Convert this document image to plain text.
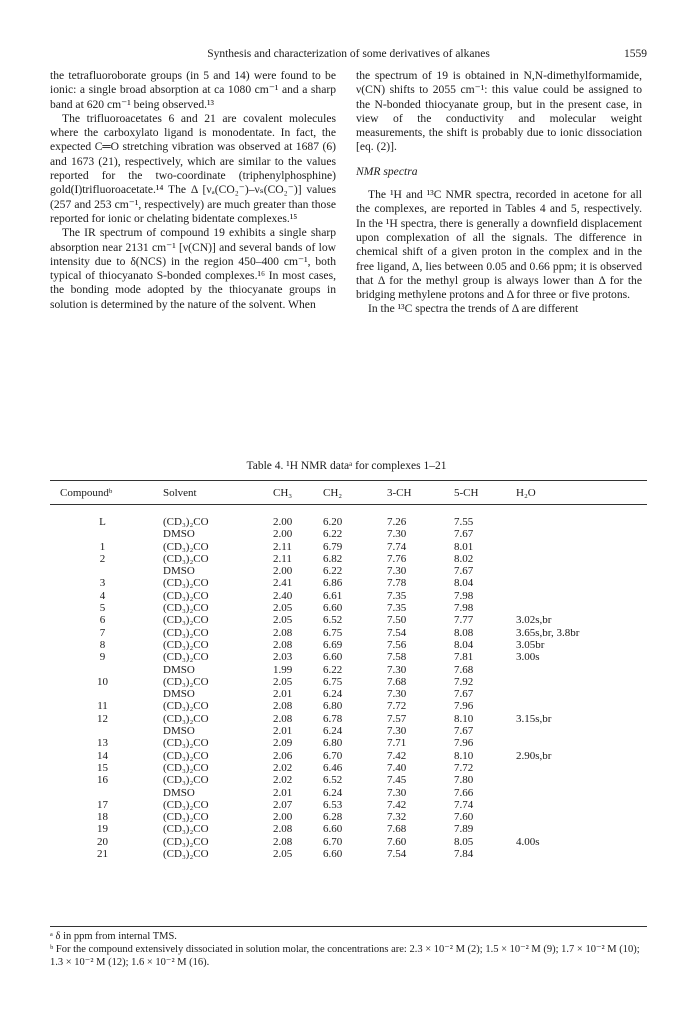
Synthesis and characterization of some derivatives of alkanes	1559

the tetrafluoroborate groups (in 5 and 14) were found to be ionic: a single broad absorption at ca 1080 cm⁻¹ and a sharp band at 620 cm⁻¹ being observed.¹³

The trifluoroacetates 6 and 21 are covalent molecules where the carboxylato ligand is monodentate. In fact, the expected C═O stretching vibration was observed at 1687 (6) and 1673 (21), respectively, which are similar to the values reported for the two-coordinate (triphenylphosphine) gold(I)trifluoroacetate.¹⁴ The Δ [νₐ(CO₂⁻)–νₛ(CO₂⁻)] values (257 and 253 cm⁻¹, respectively) are much greater than those reported for ionic or chelating bidentate complexes.¹⁵

The IR spectrum of compound 19 exhibits a single sharp absorption near 2131 cm⁻¹ [ν(CN)] and several bands of low intensity due to δ(NCS) in the region 450–400 cm⁻¹, both typical of thiocyanato S-bonded complexes.¹⁶ In most cases, the bonding mode adopted by the thiocyanate groups in solution is determined by the nature of the solvent. When

the spectrum of 19 is obtained in N,N-dimethylformamide, ν(CN) shifts to 2055 cm⁻¹: this value could be assigned to the N-bonded thiocyanate group, but in the present case, in view of the conductivity and molecular weight measurements, the shift is probably due to ionic dissociation [eq. (2)].

NMR spectra

The ¹H and ¹³C NMR spectra, recorded in acetone for all the complexes, are reported in Tables 4 and 5, respectively. In the ¹H spectra, there is generally a downfield displacement upon complexation of all the signals. The difference in chemical shift of a given proton in the complex and in the free ligand, Δ, lies between 0.05 and 0.66 ppm; it is observed that Δ for the methyl group is always lower than Δ for the bridging methylene protons and Δ for three or five protons.

In the ¹³C spectra the trends of Δ are different

Table 4. ¹H NMR dataᵃ for complexes 1–21
Compoundᵇ	Solvent	CH₃	CH₂	3-CH	5-CH	H₂O
L	(CD₃)₂CO	2.00	6.20	7.26	7.55	
	DMSO	2.00	6.22	7.30	7.67	
1	(CD₃)₂CO	2.11	6.79	7.74	8.01	
2	(CD₃)₂CO	2.11	6.82	7.76	8.02	
	DMSO	2.00	6.22	7.30	7.67	
3	(CD₃)₂CO	2.41	6.86	7.78	8.04	
4	(CD₃)₂CO	2.40	6.61	7.35	7.98	
5	(CD₃)₂CO	2.05	6.60	7.35	7.98	
6	(CD₃)₂CO	2.05	6.52	7.50	7.77	3.02s,br
7	(CD₃)₂CO	2.08	6.75	7.54	8.08	3.65s,br, 3.8br
8	(CD₃)₂CO	2.08	6.69	7.56	8.04	3.05br
9	(CD₃)₂CO	2.03	6.60	7.58	7.81	3.00s
	DMSO	1.99	6.22	7.30	7.68	
10	(CD₃)₂CO	2.05	6.75	7.68	7.92	
	DMSO	2.01	6.24	7.30	7.67	
11	(CD₃)₂CO	2.08	6.80	7.72	7.96	
12	(CD₃)₂CO	2.08	6.78	7.57	8.10	3.15s,br
	DMSO	2.01	6.24	7.30	7.67	
13	(CD₃)₂CO	2.09	6.80	7.71	7.96	
14	(CD₃)₂CO	2.06	6.70	7.42	8.10	2.90s,br
15	(CD₃)₂CO	2.02	6.46	7.40	7.72	
16	(CD₃)₂CO	2.02	6.52	7.45	7.80	
	DMSO	2.01	6.24	7.30	7.66	
17	(CD₃)₂CO	2.07	6.53	7.42	7.74	
18	(CD₃)₂CO	2.00	6.28	7.32	7.60	
19	(CD₃)₂CO	2.08	6.60	7.68	7.89	
20	(CD₃)₂CO	2.08	6.70	7.60	8.05	4.00s
21	(CD₃)₂CO	2.05	6.60	7.54	7.84	
ᵃ δ in ppm from internal TMS.
ᵇ For the compound extensively dissociated in solution molar, the concentrations are: 2.3 × 10⁻² M (2); 1.5 × 10⁻² M (9); 1.7 × 10⁻² M (10); 1.3 × 10⁻² M (12); 1.6 × 10⁻² M (16).
